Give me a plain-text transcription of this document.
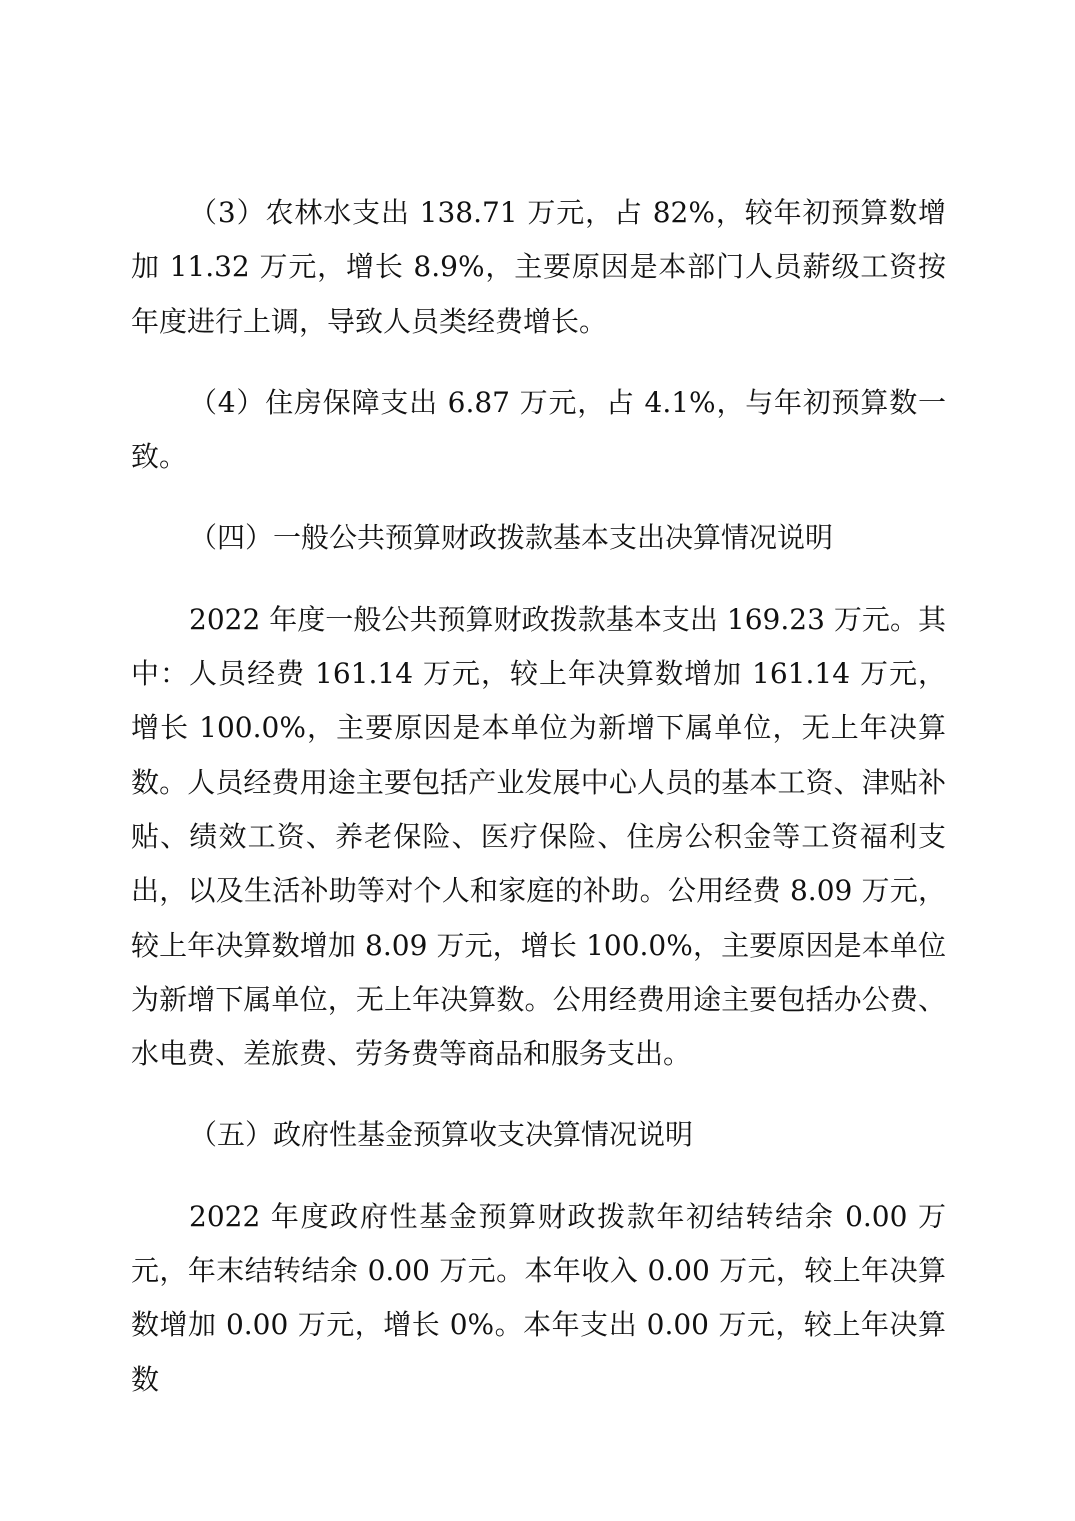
（3）农林水支出 138.71 万元，占 82%，较年初预算数增加 11.32 万元，增长 8.9%，主要原因是本部门人员薪级工资按年度进行上调，导致人员类经费增长。

（4）住房保障支出 6.87 万元，占 4.1%，与年初预算数一致。

（四）一般公共预算财政拨款基本支出决算情况说明

2022 年度一般公共预算财政拨款基本支出 169.23 万元。其中：人员经费 161.14 万元，较上年决算数增加 161.14 万元，增长 100.0%，主要原因是本单位为新增下属单位，无上年决算数。人员经费用途主要包括产业发展中心人员的基本工资、津贴补贴、绩效工资、养老保险、医疗保险、住房公积金等工资福利支出，以及生活补助等对个人和家庭的补助。公用经费 8.09 万元，较上年决算数增加 8.09 万元，增长 100.0%，主要原因是本单位为新增下属单位，无上年决算数。公用经费用途主要包括办公费、水电费、差旅费、劳务费等商品和服务支出。

（五）政府性基金预算收支决算情况说明

2022 年度政府性基金预算财政拨款年初结转结余 0.00 万元，年末结转结余 0.00 万元。本年收入 0.00 万元，较上年决算数增加 0.00 万元，增长 0%。本年支出 0.00 万元，较上年决算数
